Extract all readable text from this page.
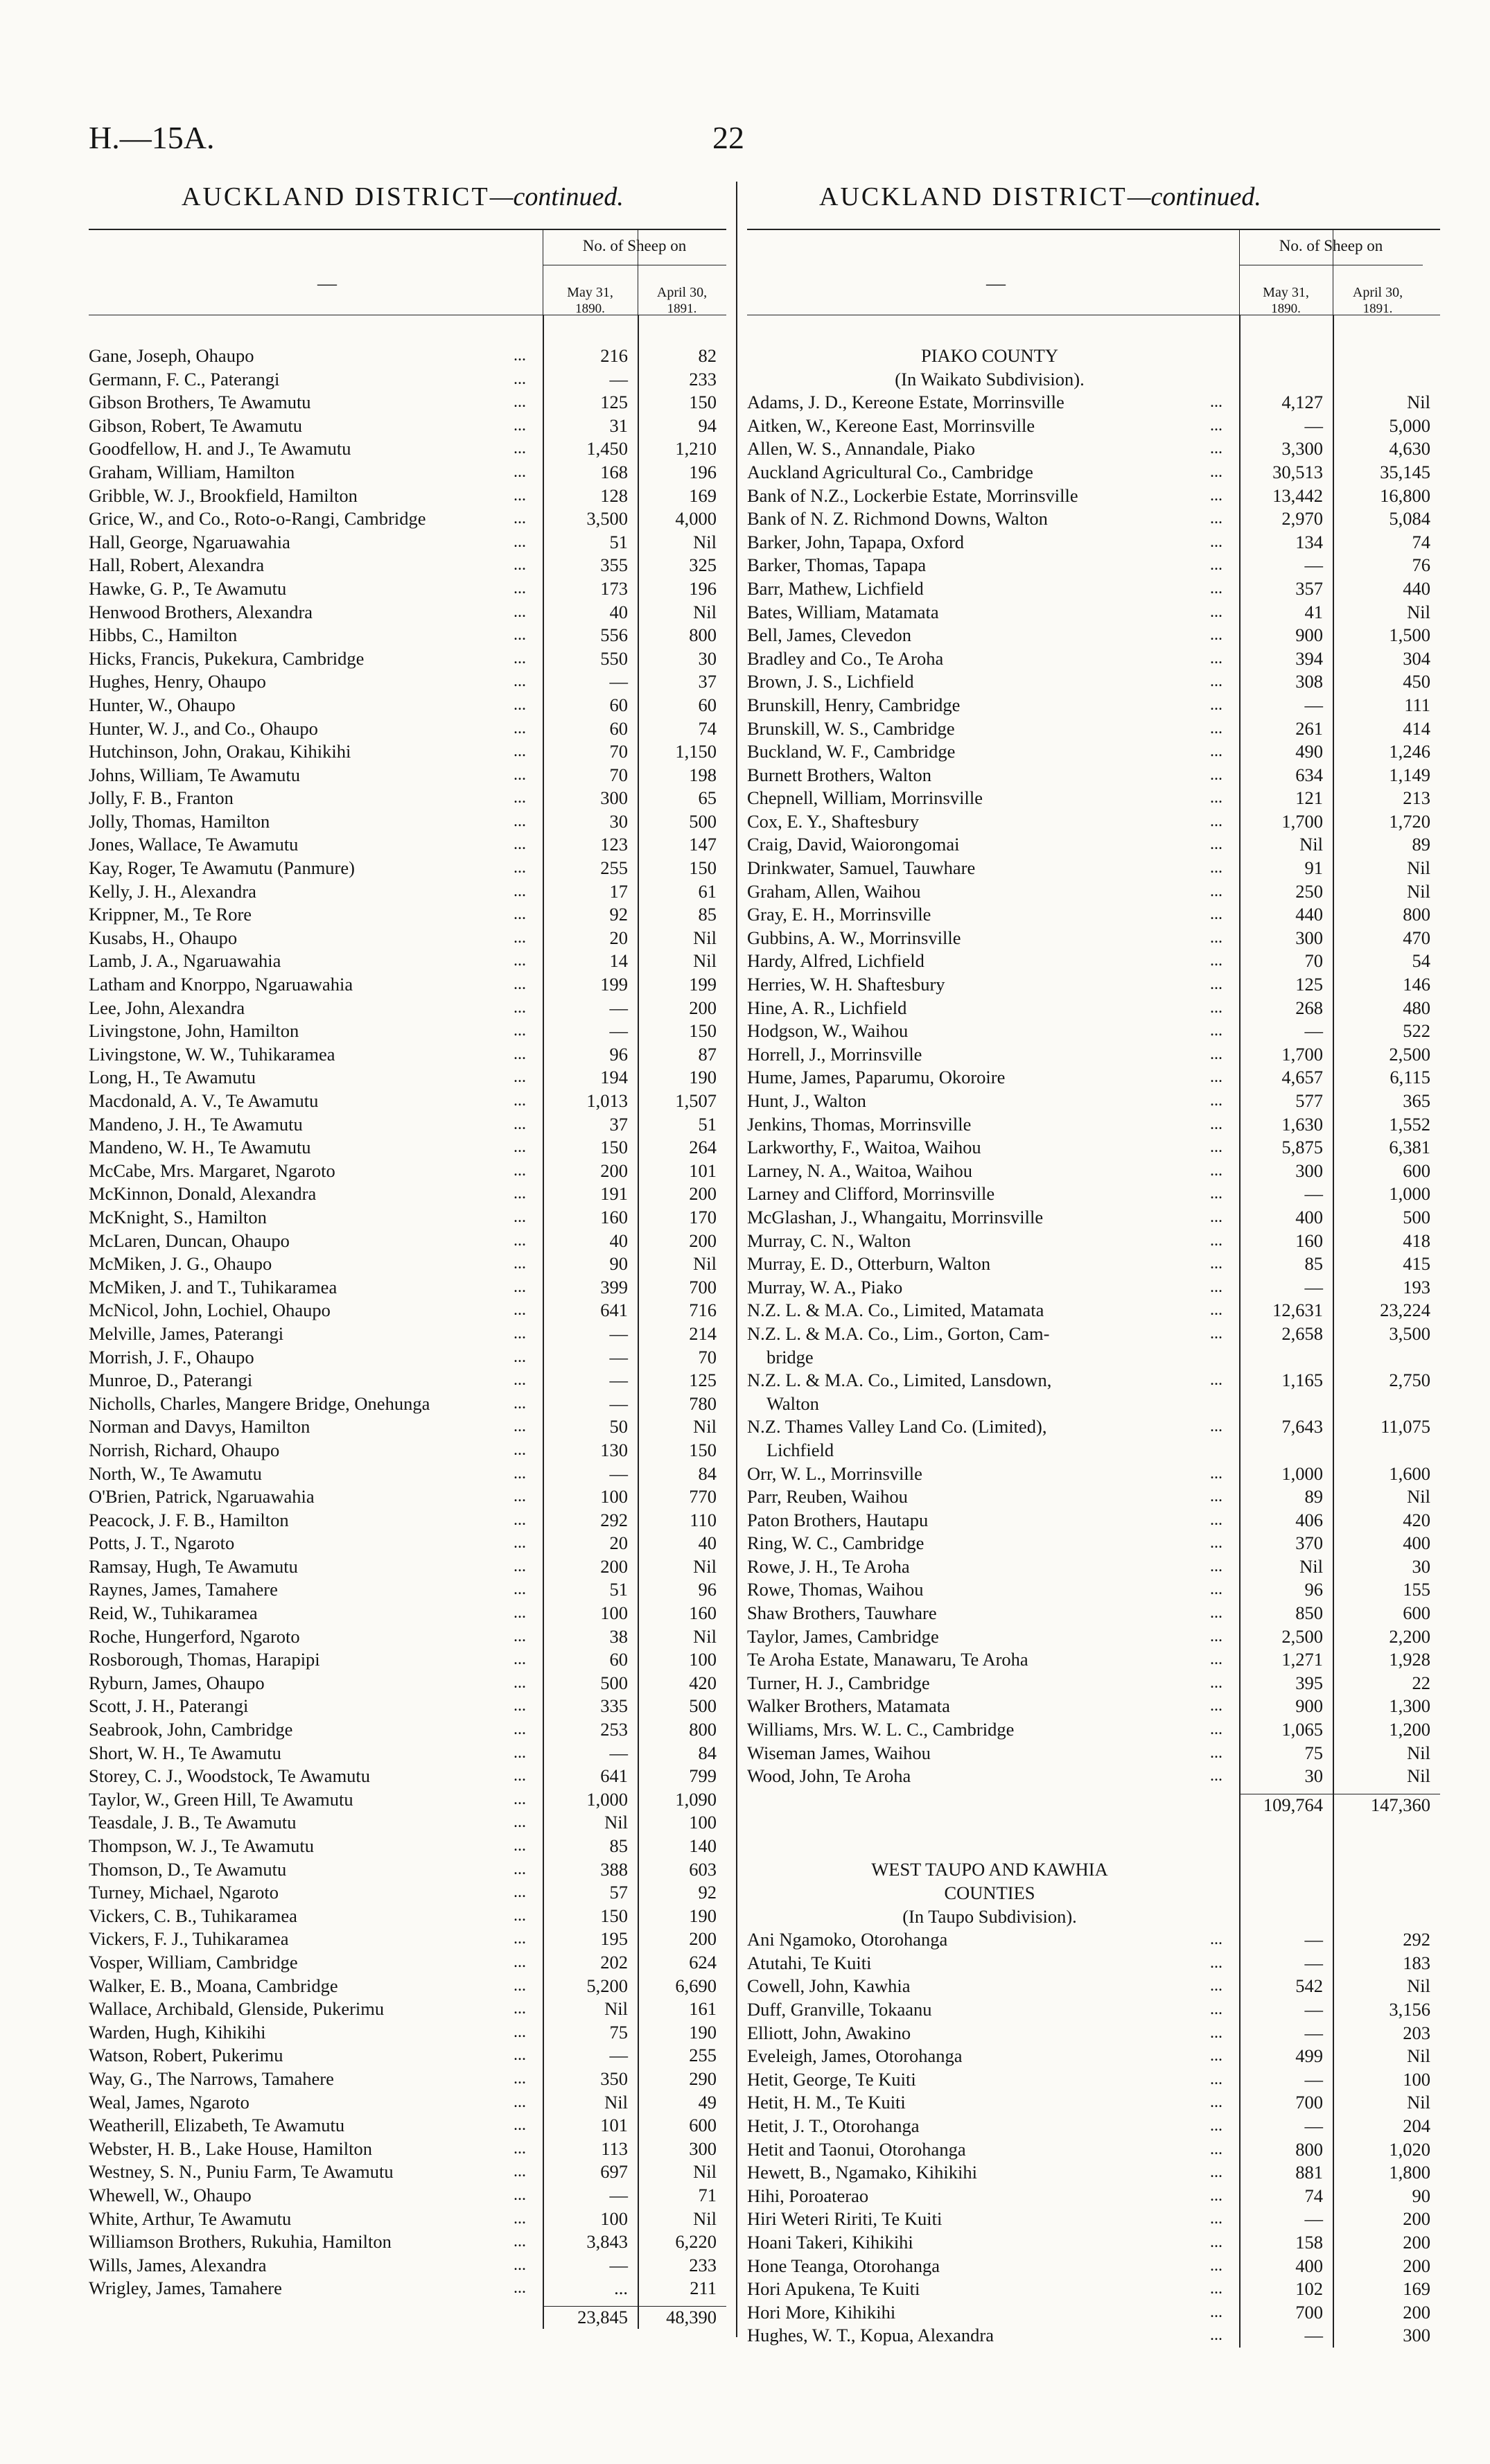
H.—15A.	22
AUCKLAND DISTRICT—continued.	AUCKLAND DISTRICT—continued.
—
No. of Sheep on
May 31,
1890.
April 30,
1891.
Gane, Joseph, Ohaupo	...	216	82
Germann, F. C., Paterangi	...	—	233
Gibson Brothers, Te Awamutu	...	125	150
Gibson, Robert, Te Awamutu	...	31	94
Goodfellow, H. and J., Te Awamutu	...	1,450	1,210
Graham, William, Hamilton	...	168	196
Gribble, W. J., Brookfield, Hamilton	...	128	169
Grice, W., and Co., Roto-o-Rangi, Cambridge	...	3,500	4,000
Hall, George, Ngaruawahia	...	51	Nil
Hall, Robert, Alexandra	...	355	325
Hawke, G. P., Te Awamutu	...	173	196
Henwood Brothers, Alexandra	...	40	Nil
Hibbs, C., Hamilton	...	556	800
Hicks, Francis, Pukekura, Cambridge	...	550	30
Hughes, Henry, Ohaupo	...	—	37
Hunter, W., Ohaupo	...	60	60
Hunter, W. J., and Co., Ohaupo	...	60	74
Hutchinson, John, Orakau, Kihikihi	...	70	1,150
Johns, William, Te Awamutu	...	70	198
Jolly, F. B., Franton	...	300	65
Jolly, Thomas, Hamilton	...	30	500
Jones, Wallace, Te Awamutu	...	123	147
Kay, Roger, Te Awamutu (Panmure)	...	255	150
Kelly, J. H., Alexandra	...	17	61
Krippner, M., Te Rore	...	92	85
Kusabs, H., Ohaupo	...	20	Nil
Lamb, J. A., Ngaruawahia	...	14	Nil
Latham and Knorppo, Ngaruawahia	...	199	199
Lee, John, Alexandra	...	—	200
Livingstone, John, Hamilton	...	—	150
Livingstone, W. W., Tuhikaramea	...	96	87
Long, H., Te Awamutu	...	194	190
Macdonald, A. V., Te Awamutu	...	1,013	1,507
Mandeno, J. H., Te Awamutu	...	37	51
Mandeno, W. H., Te Awamutu	...	150	264
McCabe, Mrs. Margaret, Ngaroto	...	200	101
McKinnon, Donald, Alexandra	...	191	200
McKnight, S., Hamilton	...	160	170
McLaren, Duncan, Ohaupo	...	40	200
McMiken, J. G., Ohaupo	...	90	Nil
McMiken, J. and T., Tuhikaramea	...	399	700
McNicol, John, Lochiel, Ohaupo	...	641	716
Melville, James, Paterangi	...	—	214
Morrish, J. F., Ohaupo	...	—	70
Munroe, D., Paterangi	...	—	125
Nicholls, Charles, Mangere Bridge, Onehunga	...	—	780
Norman and Davys, Hamilton	...	50	Nil
Norrish, Richard, Ohaupo	...	130	150
North, W., Te Awamutu	...	—	84
O'Brien, Patrick, Ngaruawahia	...	100	770
Peacock, J. F. B., Hamilton	...	292	110
Potts, J. T., Ngaroto	...	20	40
Ramsay, Hugh, Te Awamutu	...	200	Nil
Raynes, James, Tamahere	...	51	96
Reid, W., Tuhikaramea	...	100	160
Roche, Hungerford, Ngaroto	...	38	Nil
Rosborough, Thomas, Harapipi	...	60	100
Ryburn, James, Ohaupo	...	500	420
Scott, J. H., Paterangi	...	335	500
Seabrook, John, Cambridge	...	253	800
Short, W. H., Te Awamutu	...	—	84
Storey, C. J., Woodstock, Te Awamutu	...	641	799
Taylor, W., Green Hill, Te Awamutu	...	1,000	1,090
Teasdale, J. B., Te Awamutu	...	Nil	100
Thompson, W. J., Te Awamutu	...	85	140
Thomson, D., Te Awamutu	...	388	603
Turney, Michael, Ngaroto	...	57	92
Vickers, C. B., Tuhikaramea	...	150	190
Vickers, F. J., Tuhikaramea	...	195	200
Vosper, William, Cambridge	...	202	624
Walker, E. B., Moana, Cambridge	...	5,200	6,690
Wallace, Archibald, Glenside, Pukerimu	...	Nil	161
Warden, Hugh, Kihikihi	...	75	190
Watson, Robert, Pukerimu	...	—	255
Way, G., The Narrows, Tamahere	...	350	290
Weal, James, Ngaroto	...	Nil	49
Weatherill, Elizabeth, Te Awamutu	...	101	600
Webster, H. B., Lake House, Hamilton	...	113	300
Westney, S. N., Puniu Farm, Te Awamutu	...	697	Nil
Whewell, W., Ohaupo	...	—	71
White, Arthur, Te Awamutu	...	100	Nil
Williamson Brothers, Rukuhia, Hamilton	...	3,843	6,220
Wills, James, Alexandra	...	—	233
Wrigley, James, Tamahere	...	...	211
23,845	48,390
—
No. of Sheep on
May 31,
1890.
April 30,
1891.
PIAKO COUNTY
(In Waikato Subdivision).
Adams, J. D., Kereone Estate, Morrinsville	...	4,127	Nil
Aitken, W., Kereone East, Morrinsville	...	—	5,000
Allen, W. S., Annandale, Piako	...	3,300	4,630
Auckland Agricultural Co., Cambridge	...	30,513	35,145
Bank of N.Z., Lockerbie Estate, Morrinsville	...	13,442	16,800
Bank of N. Z. Richmond Downs, Walton	...	2,970	5,084
Barker, John, Tapapa, Oxford	...	134	74
Barker, Thomas, Tapapa	...	—	76
Barr, Mathew, Lichfield	...	357	440
Bates, William, Matamata	...	41	Nil
Bell, James, Clevedon	...	900	1,500
Bradley and Co., Te Aroha	...	394	304
Brown, J. S., Lichfield	...	308	450
Brunskill, Henry, Cambridge	...	—	111
Brunskill, W. S., Cambridge	...	261	414
Buckland, W. F., Cambridge	...	490	1,246
Burnett Brothers, Walton	...	634	1,149
Chepnell, William, Morrinsville	...	121	213
Cox, E. Y., Shaftesbury	...	1,700	1,720
Craig, David, Waiorongomai	...	Nil	89
Drinkwater, Samuel, Tauwhare	...	91	Nil
Graham, Allen, Waihou	...	250	Nil
Gray, E. H., Morrinsville	...	440	800
Gubbins, A. W., Morrinsville	...	300	470
Hardy, Alfred, Lichfield	...	70	54
Herries, W. H. Shaftesbury	...	125	146
Hine, A. R., Lichfield	...	268	480
Hodgson, W., Waihou	...	—	522
Horrell, J., Morrinsville	...	1,700	2,500
Hume, James, Paparumu, Okoroire	...	4,657	6,115
Hunt, J., Walton	...	577	365
Jenkins, Thomas, Morrinsville	...	1,630	1,552
Larkworthy, F., Waitoa, Waihou	...	5,875	6,381
Larney, N. A., Waitoa, Waihou	...	300	600
Larney and Clifford, Morrinsville	...	—	1,000
McGlashan, J., Whangaitu, Morrinsville	...	400	500
Murray, C. N., Walton	...	160	418
Murray, E. D., Otterburn, Walton	...	85	415
Murray, W. A., Piako	...	—	193
N.Z. L. & M.A. Co., Limited, Matamata	...	12,631	23,224
N.Z. L. & M.A. Co., Lim., Gorton, Cam-	...	2,658	3,500
bridge
N.Z. L. & M.A. Co., Limited, Lansdown,	...	1,165	2,750
Walton
N.Z. Thames Valley Land Co. (Limited),	...	7,643	11,075
Lichfield
Orr, W. L., Morrinsville	...	1,000	1,600
Parr, Reuben, Waihou	...	89	Nil
Paton Brothers, Hautapu	...	406	420
Ring, W. C., Cambridge	...	370	400
Rowe, J. H., Te Aroha	...	Nil	30
Rowe, Thomas, Waihou	...	96	155
Shaw Brothers, Tauwhare	...	850	600
Taylor, James, Cambridge	...	2,500	2,200
Te Aroha Estate, Manawaru, Te Aroha	...	1,271	1,928
Turner, H. J., Cambridge	...	395	22
Walker Brothers, Matamata	...	900	1,300
Williams, Mrs. W. L. C., Cambridge	...	1,065	1,200
Wiseman James, Waihou	...	75	Nil
Wood, John, Te Aroha	...	30	Nil
109,764	147,360
WEST TAUPO AND KAWHIA
COUNTIES
(In Taupo Subdivision).
Ani Ngamoko, Otorohanga	...	—	292
Atutahi, Te Kuiti	...	—	183
Cowell, John, Kawhia	...	542	Nil
Duff, Granville, Tokaanu	...	—	3,156
Elliott, John, Awakino	...	—	203
Eveleigh, James, Otorohanga	...	499	Nil
Hetit, George, Te Kuiti	...	—	100
Hetit, H. M., Te Kuiti	...	700	Nil
Hetit, J. T., Otorohanga	...	—	204
Hetit and Taonui, Otorohanga	...	800	1,020
Hewett, B., Ngamako, Kihikihi	...	881	1,800
Hihi, Poroaterao	...	74	90
Hiri Weteri Ririti, Te Kuiti	...	—	200
Hoani Takeri, Kihikihi	...	158	200
Hone Teanga, Otorohanga	...	400	200
Hori Apukena, Te Kuiti	...	102	169
Hori More, Kihikihi	...	700	200
Hughes, W. T., Kopua, Alexandra	...	—	300
